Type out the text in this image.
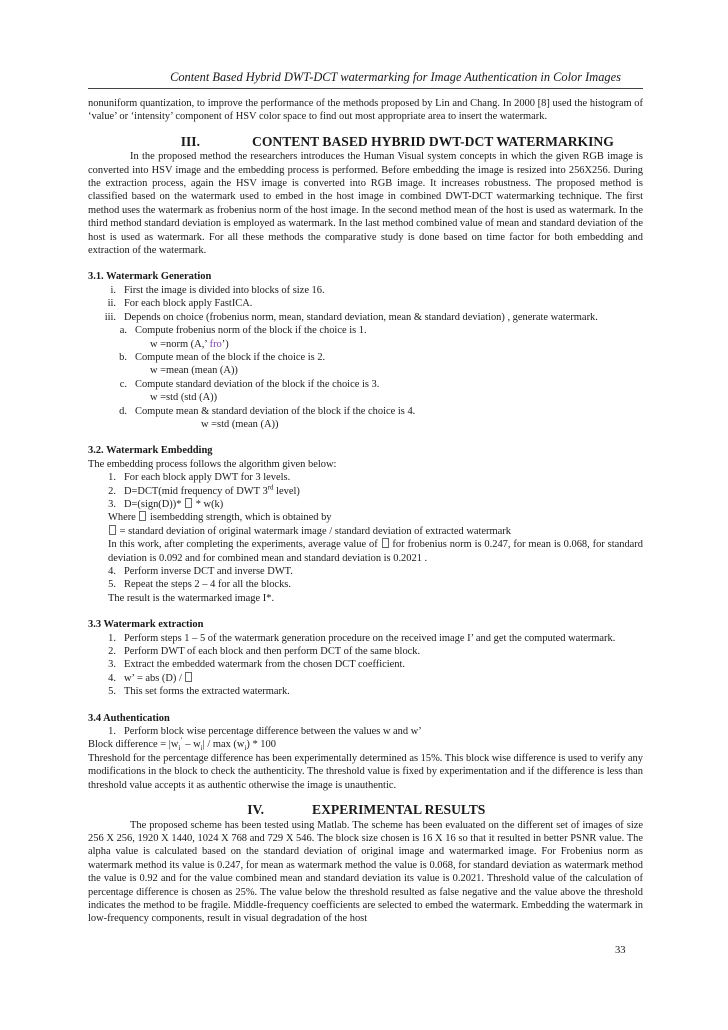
Content Based Hybrid DWT-DCT watermarking for Image Authentication in Color Images

nonuniform quantization, to improve the performance of the methods proposed by Lin and Chang. In 2000 [8] used the histogram of ‘value’ or ‘intensity’ component of HSV color space to find out most appropriate area to insert the watermark.

III.	CONTENT BASED HYBRID DWT-DCT WATERMARKING

In the proposed method the researchers introduces the Human Visual system concepts in which the given RGB image is converted into HSV image and the embedding process is performed. Before embedding the image is resized into 256X256. During the extraction process, again the HSV image is converted into RGB image. It increases robustness. The proposed method is classified based on the watermark used to embed in the host image in combined DWT-DCT watermarking technique. The first method uses the watermark as frobenius norm of the host image. In the second method mean of the host is used as watermark. In the third method standard deviation is employed as watermark. In the last method combined value of mean and standard deviation of the host is used as watermark. For all these methods the comparative study is done based on time factor for both embedding and extraction of the watermark.

3.1. Watermark Generation
i. First the image is divided into blocks of size 16.
ii. For each block apply FastICA.
iii. Depends on choice (frobenius norm, mean, standard deviation, mean & standard deviation) , generate watermark.
a. Compute frobenius norm of the block if the choice is 1.
w =norm (A,’ fro’)
b. Compute mean of the block if the choice is 2.
w =mean (mean (A))
c. Compute standard deviation of the block if the choice is 3.
w =std (std (A))
d. Compute mean & standard deviation of the block if the choice is 4.
w =std (mean (A))
3.2. Watermark Embedding

The embedding process follows the algorithm given below:

1. For each block apply DWT for 3 levels.
2. D=DCT(mid frequency of DWT 3rd level)
3. D=(sign(D))*  * w(k)
Where  isembedding strength, which is obtained by
= standard deviation of original watermark image / standard deviation of extracted watermark
In this work, after completing the experiments, average value of  for frobenius norm is 0.247, for mean is 0.068, for standard deviation is 0.092 and for combined mean and standard deviation is 0.2021 .
4. Perform inverse DCT and inverse DWT.
5. Repeat the steps 2 – 4 for all the blocks.
The result is the watermarked image I*.
3.3 Watermark extraction
1. Perform steps 1 – 5 of the watermark generation procedure on the received image I’ and get the computed watermark.
2. Perform DWT of each block and then perform DCT of the same block.
3. Extract the embedded watermark from the chosen DCT coefficient.
4. w’ = abs (D) /
5. This set forms the extracted watermark.
3.4 Authentication
1. Perform block wise percentage difference between the values w and w’
Block difference = $|w_i^’ - w_i|$ / $\max (w_i) * 100$

Threshold for the percentage difference has been experimentally determined as 15%. This block wise difference is used to verify any modifications in the block to check the authenticity. The threshold value is fixed by experimentation and if the difference is less than threshold value accepts it as authentic otherwise the image is unauthentic.

IV.	EXPERIMENTAL RESULTS

The proposed scheme has been tested using Matlab. The scheme has been evaluated on the different set of images of size 256 X 256, 1920 X 1440, 1024 X 768 and 729 X 546. The block size chosen is 16 X 16 so that it resulted in better PSNR value. The alpha value is calculated based on the standard deviation of original image and watermarked image. For Frobenius norm as watermark method its value is 0.247, for mean as watermark method the value is 0.068, for standard deviation as watermark method the value is 0.92 and for the value combined mean and standard deviation its value is 0.2021. Threshold value of the calculation of percentage difference is chosen as 25%. The value below the threshold resulted as false negative and the value above the threshold indicates the method to be fragile. Middle-frequency coefficients are selected to embed the watermark. Embedding the watermark in low-frequency components, result in visual degradation of the host

33
